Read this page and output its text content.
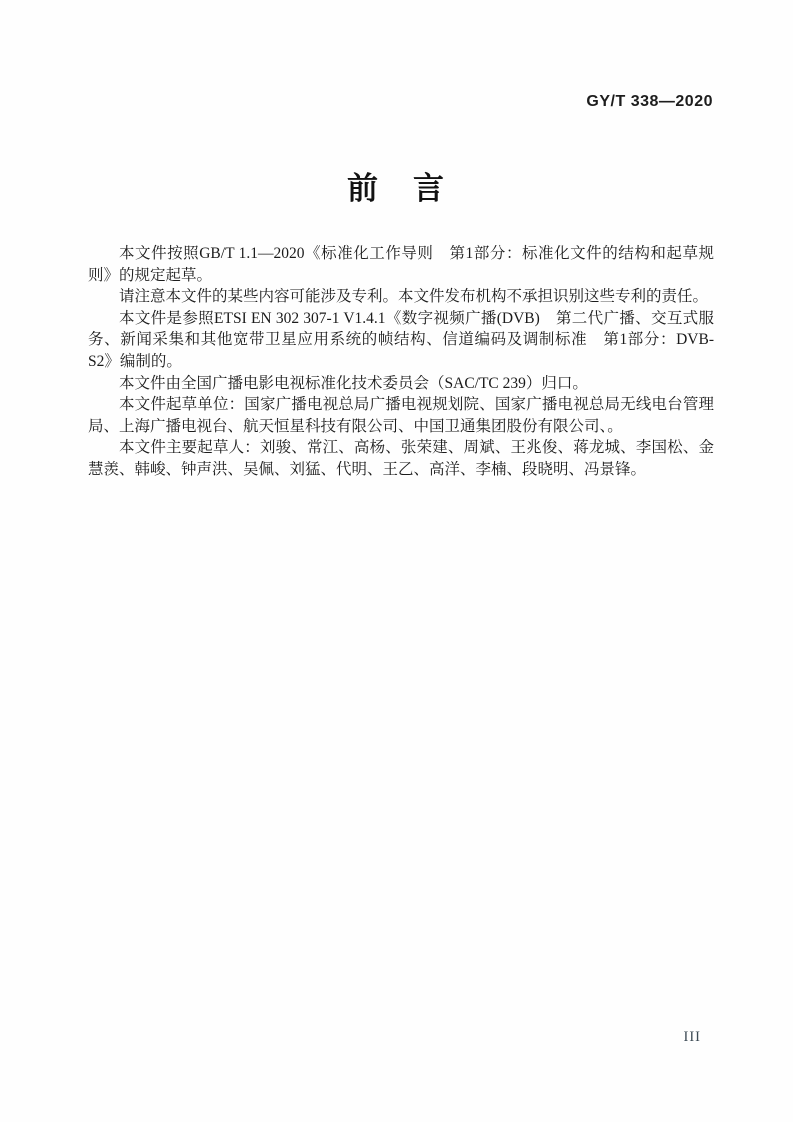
GY/T 338—2020
前　言

本文件按照GB/T 1.1—2020《标准化工作导则　第1部分：标准化文件的结构和起草规则》的规定起草。

请注意本文件的某些内容可能涉及专利。本文件发布机构不承担识别这些专利的责任。

本文件是参照ETSI EN 302 307-1 V1.4.1《数字视频广播(DVB)　第二代广播、交互式服务、新闻采集和其他宽带卫星应用系统的帧结构、信道编码及调制标准　第1部分：DVB-S2》编制的。

本文件由全国广播电影电视标准化技术委员会（SAC/TC 239）归口。

本文件起草单位：国家广播电视总局广播电视规划院、国家广播电视总局无线电台管理局、上海广播电视台、航天恒星科技有限公司、中国卫通集团股份有限公司、。

本文件主要起草人：刘骏、常江、高杨、张荣建、周斌、王兆俊、蒋龙城、李国松、金慧羡、韩峻、钟声洪、吴佩、刘猛、代明、王乙、高洋、李楠、段晓明、冯景锋。

III
